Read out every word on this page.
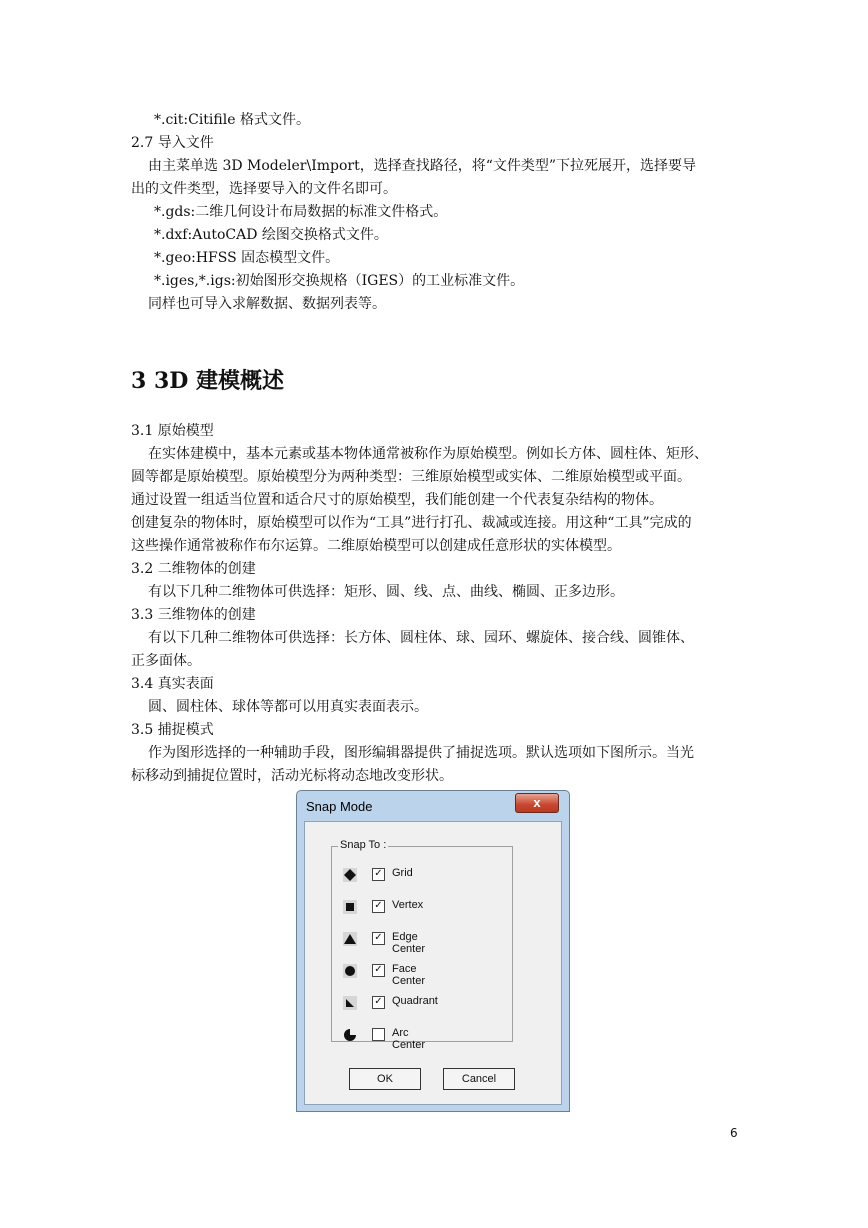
*.cit:Citifile 格式文件。
2.7 导入文件
由主菜单选 3D Modeler\Import，选择查找路径，将“文件类型”下拉死展开，选择要导
出的文件类型，选择要导入的文件名即可。
*.gds:二维几何设计布局数据的标准文件格式。
*.dxf:AutoCAD 绘图交换格式文件。
*.geo:HFSS 固态模型文件。
*.iges,*.igs:初始图形交换规格（IGES）的工业标准文件。
同样也可导入求解数据、数据列表等。
3 3D 建模概述
3.1 原始模型
在实体建模中，基本元素或基本物体通常被称作为原始模型。例如长方体、圆柱体、矩形、
圆等都是原始模型。原始模型分为两种类型：三维原始模型或实体、二维原始模型或平面。
通过设置一组适当位置和适合尺寸的原始模型，我们能创建一个代表复杂结构的物体。
创建复杂的物体时，原始模型可以作为“工具”进行打孔、裁减或连接。用这种“工具”完成的
这些操作通常被称作布尔运算。二维原始模型可以创建成任意形状的实体模型。
3.2 二维物体的创建
有以下几种二维物体可供选择：矩形、圆、线、点、曲线、椭圆、正多边形。
3.3 三维物体的创建
有以下几种二维物体可供选择：长方体、圆柱体、球、园环、螺旋体、接合线、圆锥体、
正多面体。
3.4 真实表面
圆、圆柱体、球体等都可以用真实表面表示。
3.5 捕捉模式
作为图形选择的一种辅助手段，图形编辑器提供了捕捉选项。默认选项如下图所示。当光
标移动到捕捉位置时，活动光标将动态地改变形状。
Snap Mode	x
Snap To :
✓ Grid
✓ Vertex
✓ Edge Center
✓ Face Center
✓ Quadrant
Arc Center
OK	Cancel
6
